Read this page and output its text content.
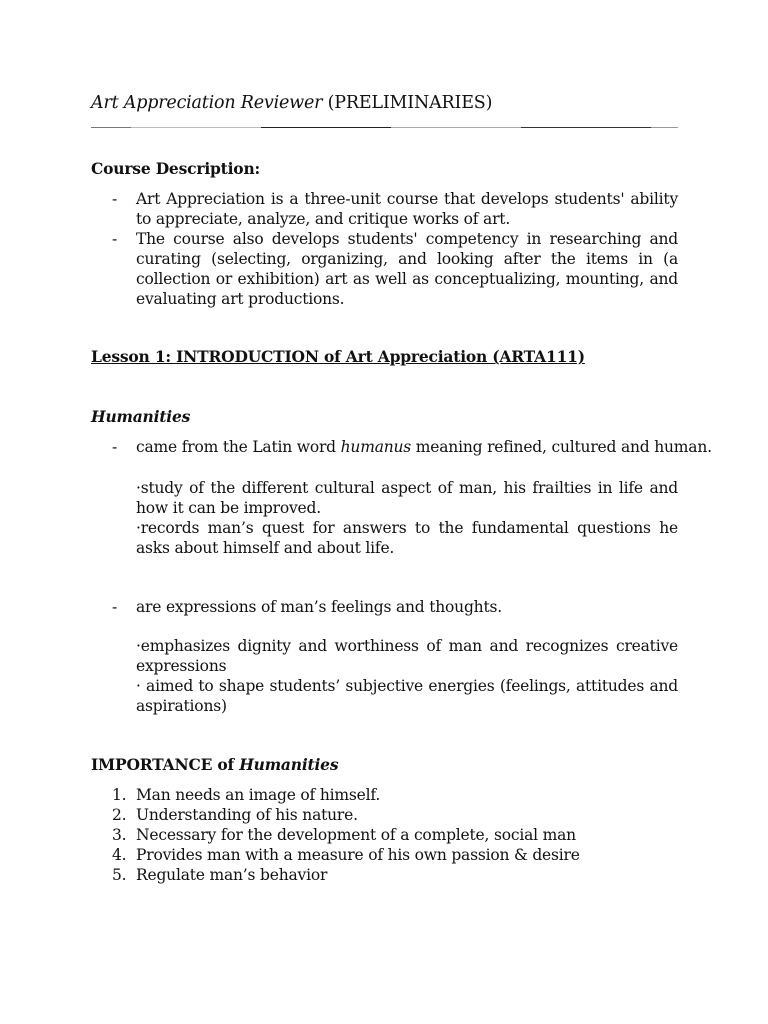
Art Appreciation Reviewer (PRELIMINARIES)
Course Description:
- Art Appreciation is a three-unit course that develops students' ability to appreciate, analyze, and critique works of art.
- The course also develops students' competency in researching and curating (selecting, organizing, and looking after the items in (a collection or exhibition) art as well as conceptualizing, mounting, and evaluating art productions.
Lesson 1: INTRODUCTION of Art Appreciation (ARTA111)
Humanities
- came from the Latin word humanus meaning refined, cultured and human.

·study of the different cultural aspect of man, his frailties in life and how it can be improved.

·records man’s quest for answers to the fundamental questions he asks about himself and about life.

- are expressions of man’s feelings and thoughts.

·emphasizes dignity and worthiness of man and recognizes creative expressions

· aimed to shape students’ subjective energies (feelings, attitudes and aspirations)

IMPORTANCE of Humanities
1. Man needs an image of himself.
2. Understanding of his nature.
3. Necessary for the development of a complete, social man
4. Provides man with a measure of his own passion & desire
5. Regulate man’s behavior
